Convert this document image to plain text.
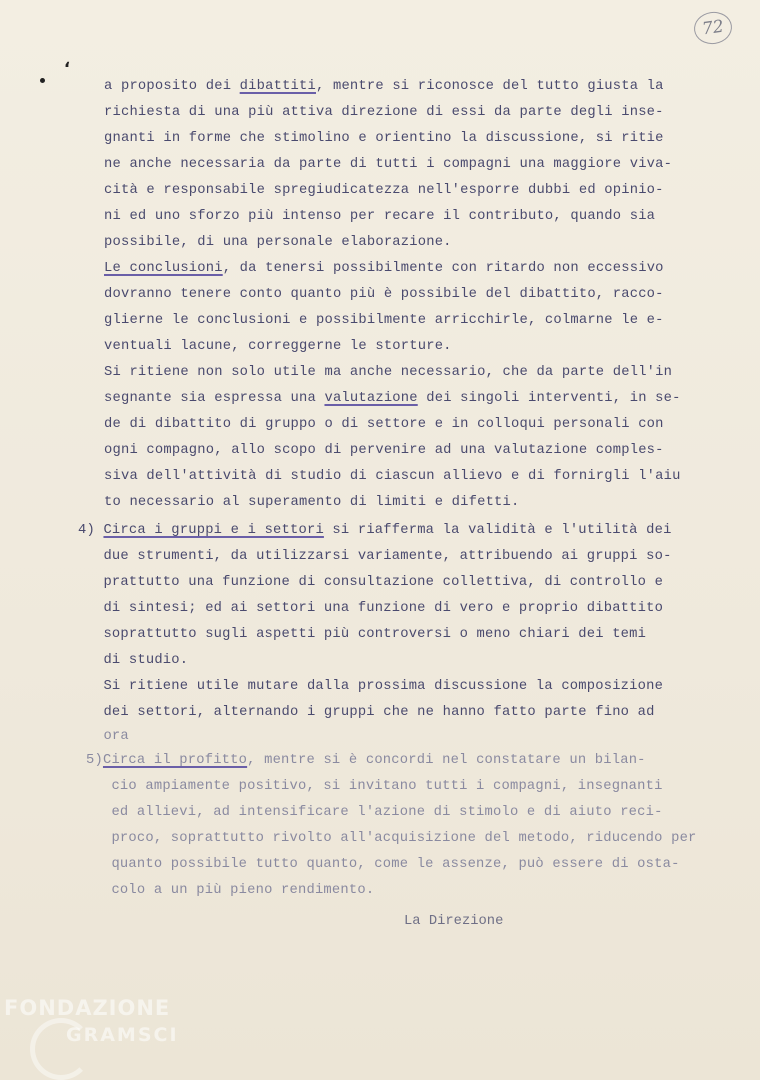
72
،

a proposito dei dibattiti, mentre si riconosce del tutto giusta la

richiesta di una più attiva direzione di essi da parte degli inse-

gnanti in forme che stimolino e orientino la discussione, si ritie

ne anche necessaria da parte di tutti i compagni una maggiore viva-

cità e responsabile spregiudicatezza nell'esporre dubbi ed opinio-

ni ed uno sforzo più intenso per recare il contributo, quando sia

possibile, di una personale elaborazione.

Le conclusioni, da tenersi possibilmente con ritardo non eccessivo

dovranno tenere conto quanto più è possibile del dibattito, racco-

glierne le conclusioni e possibilmente arricchirle, colmarne le e-

ventuali lacune, correggerne le storture.

Si ritiene non solo utile ma anche necessario, che da parte dell'in

segnante sia espressa una valutazione dei singoli interventi, in se-

de di dibattito di gruppo o di settore e in colloqui personali con

ogni compagno, allo scopo di pervenire ad una valutazione comples-

siva dell'attività di studio di ciascun allievo e di fornirgli l'aiu

to necessario al superamento di limiti e difetti.

4) Circa i gruppi e i settori si riafferma la validità e l'utilità dei

due strumenti, da utilizzarsi variamente, attribuendo ai gruppi so-

prattutto una funzione di consultazione collettiva, di controllo e

di sintesi; ed ai settori una funzione di vero e proprio dibattito

soprattutto sugli aspetti più controversi o meno chiari dei temi

di studio.

Si ritiene utile mutare dalla prossima discussione la composizione

dei settori, alternando i gruppi che ne hanno fatto parte fino ad

ora

5)Circa il profitto, mentre si è concordi nel constatare un bilan-

cio ampiamente positivo, si invitano tutti i compagni, insegnanti

ed allievi, ad intensificare l'azione di stimolo e di aiuto reci-

proco, soprattutto rivolto all'acquisizione del metodo, riducendo per

quanto possibile tutto quanto, come le assenze, può essere di osta-

colo a un più pieno rendimento.

La Direzione
FONDAZIONE
GRAMSCI
